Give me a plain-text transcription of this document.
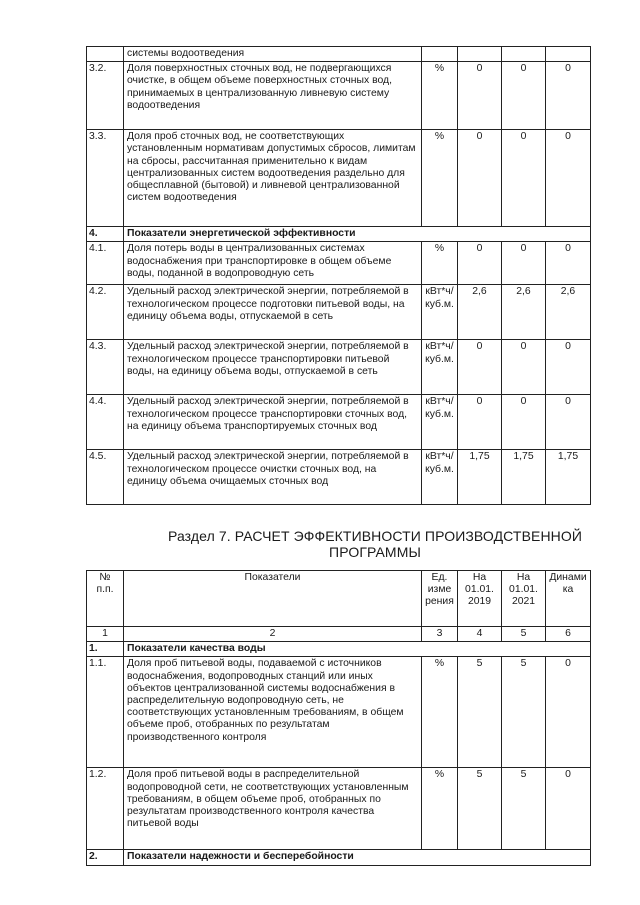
	системы водоотведения				
3.2.	Доля поверхностных сточных вод, не подвергающихся очистке, в общем объеме поверхностных сточных вод, принимаемых в централизованную ливневую систему водоотведения	%	0	0	0
3.3.	Доля проб сточных вод, не соответствующих установленным нормативам допустимых сбросов, лимитам на сбросы, рассчитанная применительно к видам централизованных систем водоотведения раздельно для общесплавной (бытовой) и ливневой централизованной систем водоотведения	%	0	0	0
4.	Показатели энергетической эффективности				
4.1.	Доля потерь воды в централизованных системах водоснабжения при транспортировке в общем объеме воды, поданной в водопроводную сеть	%	0	0	0
4.2.	Удельный расход электрической энергии, потребляемой в технологическом процессе подготовки питьевой воды, на единицу объема воды, отпускаемой в сеть	кВт*ч/куб.м.	2,6	2,6	2,6
4.3.	Удельный расход электрической энергии, потребляемой в технологическом процессе транспортировки питьевой воды, на единицу объема воды, отпускаемой в сеть	кВт*ч/куб.м.	0	0	0
4.4.	Удельный расход электрической энергии, потребляемой в технологическом процессе транспортировки сточных вод, на единицу объема транспортируемых сточных вод	кВт*ч/куб.м.	0	0	0
4.5.	Удельный расход электрической энергии, потребляемой в технологическом процессе очистки сточных вод, на единицу объема очищаемых сточных вод	кВт*ч/куб.м.	1,75	1,75	1,75
Раздел 7. РАСЧЕТ ЭФФЕКТИВНОСТИ ПРОИЗВОДСТВЕННОЙ ПРОГРАММЫ
№ п.п.	Показатели	Ед. измерения	На 01.01. 2019	На 01.01. 2021	Динамика
1	2	3	4	5	6
1.	Показатели качества воды				
1.1.	Доля проб питьевой воды, подаваемой с источников водоснабжения, водопроводных станций или иных объектов централизованной системы водоснабжения в распределительную водопроводную сеть, не соответствующих установленным требованиям, в общем объеме проб, отобранных по результатам производственного контроля	%	5	5	0
1.2.	Доля проб питьевой воды в распределительной водопроводной сети, не соответствующих установленным требованиям, в общем объеме проб, отобранных по результатам производственного контроля качества питьевой воды	%	5	5	0
2.	Показатели надежности и бесперебойности				
